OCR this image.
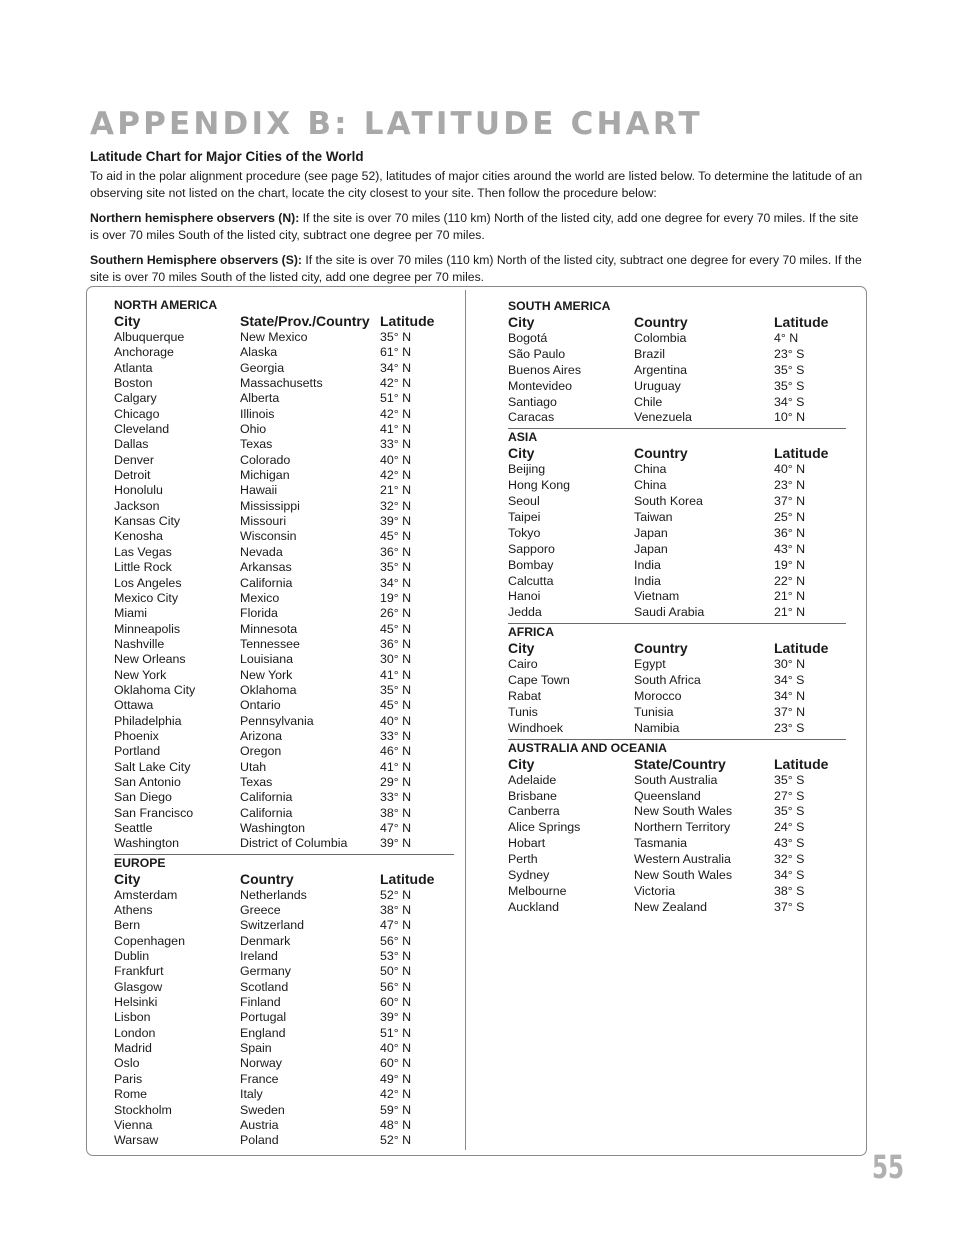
APPENDIX B: LATITUDE CHART
Latitude Chart for Major Cities of the World

To aid in the polar alignment procedure (see page 52), latitudes of major cities around the world are listed below. To determine the latitude of an observing site not listed on the chart, locate the city closest to your site. Then follow the procedure below:

Northern hemisphere observers (N): If the site is over 70 miles (110 km) North of the listed city, add one degree for every 70 miles. If the site is over 70 miles South of the listed city, subtract one degree per 70 miles.

Southern Hemisphere observers (S): If the site is over 70 miles (110 km) North of the listed city, subtract one degree for every 70 miles. If the site is over 70 miles South of the listed city, add one degree per 70 miles.

NORTH AMERICA
City	State/Prov./Country Latitude
Albuquerque	New Mexico	35° N
Anchorage	Alaska	61° N
Atlanta	Georgia	34° N
Boston	Massachusetts	42° N
Calgary	Alberta	51° N
Chicago	Illinois	42° N
Cleveland	Ohio	41° N
Dallas	Texas	33° N
Denver	Colorado	40° N
Detroit	Michigan	42° N
Honolulu	Hawaii	21° N
Jackson	Mississippi	32° N
Kansas City	Missouri	39° N
Kenosha	Wisconsin	45° N
Las Vegas	Nevada	36° N
Little Rock	Arkansas	35° N
Los Angeles	California	34° N
Mexico City	Mexico	19° N
Miami	Florida	26° N
Minneapolis	Minnesota	45° N
Nashville	Tennessee	36° N
New Orleans	Louisiana	30° N
New York	New York	41° N
Oklahoma City	Oklahoma	35° N
Ottawa	Ontario	45° N
Philadelphia	Pennsylvania	40° N
Phoenix	Arizona	33° N
Portland	Oregon	46° N
Salt Lake City	Utah	41° N
San Antonio	Texas	29° N
San Diego	California	33° N
San Francisco	California	38° N
Seattle	Washington	47° N
Washington	District of Columbia	39° N
EUROPE
City	Country	Latitude
Amsterdam	Netherlands	52° N
Athens	Greece	38° N
Bern	Switzerland	47° N
Copenhagen	Denmark	56° N
Dublin	Ireland	53° N
Frankfurt	Germany	50° N
Glasgow	Scotland	56° N
Helsinki	Finland	60° N
Lisbon	Portugal	39° N
London	England	51° N
Madrid	Spain	40° N
Oslo	Norway	60° N
Paris	France	49° N
Rome	Italy	42° N
Stockholm	Sweden	59° N
Vienna	Austria	48° N
Warsaw	Poland	52° N
SOUTH AMERICA
City	Country	Latitude
Bogotá	Colombia	4° N
São Paulo	Brazil	23° S
Buenos Aires	Argentina	35° S
Montevideo	Uruguay	35° S
Santiago	Chile	34° S
Caracas	Venezuela	10° N
ASIA
City	Country	Latitude
Beijing	China	40° N
Hong Kong	China	23° N
Seoul	South Korea	37° N
Taipei	Taiwan	25° N
Tokyo	Japan	36° N
Sapporo	Japan	43° N
Bombay	India	19° N
Calcutta	India	22° N
Hanoi	Vietnam	21° N
Jedda	Saudi Arabia	21° N
AFRICA
City	Country	Latitude
Cairo	Egypt	30° N
Cape Town	South Africa	34° S
Rabat	Morocco	34° N
Tunis	Tunisia	37° N
Windhoek	Namibia	23° S
AUSTRALIA AND OCEANIA
City	State/Country	Latitude
Adelaide	South Australia	35° S
Brisbane	Queensland	27° S
Canberra	New South Wales	35° S
Alice Springs	Northern Territory	24° S
Hobart	Tasmania	43° S
Perth	Western Australia	32° S
Sydney	New South Wales	34° S
Melbourne	Victoria	38° S
Auckland	New Zealand	37° S
55
